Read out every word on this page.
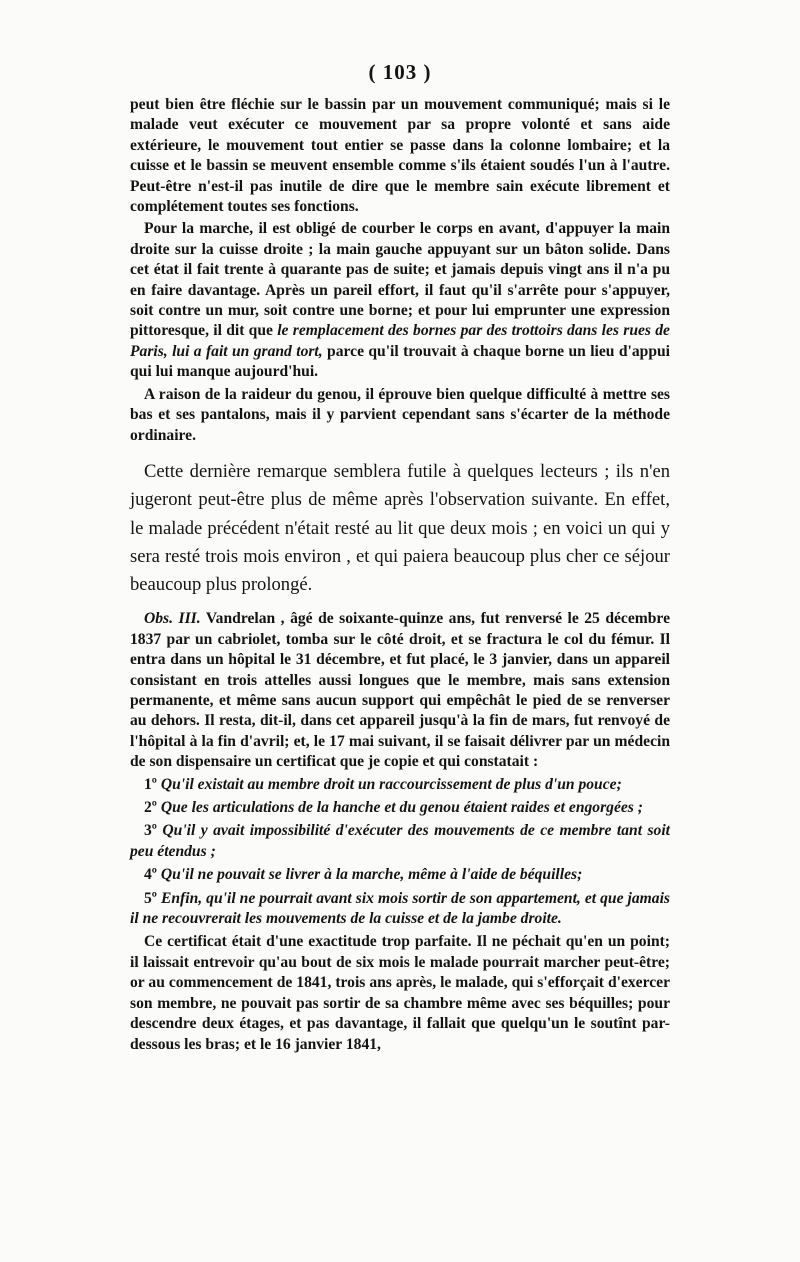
( 103 )

peut bien être fléchie sur le bassin par un mouvement communiqué; mais si le malade veut exécuter ce mouvement par sa propre volonté et sans aide extérieure, le mouvement tout entier se passe dans la colonne lombaire; et la cuisse et le bassin se meuvent ensemble comme s'ils étaient soudés l'un à l'autre. Peut-être n'est-il pas inutile de dire que le membre sain exécute librement et complétement toutes ses fonctions.

Pour la marche, il est obligé de courber le corps en avant, d'appuyer la main droite sur la cuisse droite ; la main gauche appuyant sur un bâton solide. Dans cet état il fait trente à quarante pas de suite; et jamais depuis vingt ans il n'a pu en faire davantage. Après un pareil effort, il faut qu'il s'arrête pour s'appuyer, soit contre un mur, soit contre une borne; et pour lui emprunter une expression pittoresque, il dit que le remplacement des bornes par des trottoirs dans les rues de Paris, lui a fait un grand tort, parce qu'il trouvait à chaque borne un lieu d'appui qui lui manque aujourd'hui.

A raison de la raideur du genou, il éprouve bien quelque difficulté à mettre ses bas et ses pantalons, mais il y parvient cependant sans s'écarter de la méthode ordinaire.

Cette dernière remarque semblera futile à quelques lecteurs ; ils n'en jugeront peut-être plus de même après l'observation suivante. En effet, le malade précédent n'était resté au lit que deux mois ; en voici un qui y sera resté trois mois environ , et qui paiera beaucoup plus cher ce séjour beaucoup plus prolongé.

Obs. III. Vandrelan , âgé de soixante-quinze ans, fut renversé le 25 décembre 1837 par un cabriolet, tomba sur le côté droit, et se fractura le col du fémur. Il entra dans un hôpital le 31 décembre, et fut placé, le 3 janvier, dans un appareil consistant en trois attelles aussi longues que le membre, mais sans extension permanente, et même sans aucun support qui empêchât le pied de se renverser au dehors. Il resta, dit-il, dans cet appareil jusqu'à la fin de mars, fut renvoyé de l'hôpital à la fin d'avril; et, le 17 mai suivant, il se faisait délivrer par un médecin de son dispensaire un certificat que je copie et qui constatait :

1º Qu'il existait au membre droit un raccourcissement de plus d'un pouce;

2º Que les articulations de la hanche et du genou étaient raides et engorgées ;

3º Qu'il y avait impossibilité d'exécuter des mouvements de ce membre tant soit peu étendus ;

4º Qu'il ne pouvait se livrer à la marche, même à l'aide de béquilles;

5º Enfin, qu'il ne pourrait avant six mois sortir de son appartement, et que jamais il ne recouvrerait les mouvements de la cuisse et de la jambe droite.

Ce certificat était d'une exactitude trop parfaite. Il ne péchait qu'en un point; il laissait entrevoir qu'au bout de six mois le malade pourrait marcher peut-être; or au commencement de 1841, trois ans après, le malade, qui s'efforçait d'exercer son membre, ne pouvait pas sortir de sa chambre même avec ses béquilles; pour descendre deux étages, et pas davantage, il fallait que quelqu'un le soutînt par-dessous les bras; et le 16 janvier 1841,
